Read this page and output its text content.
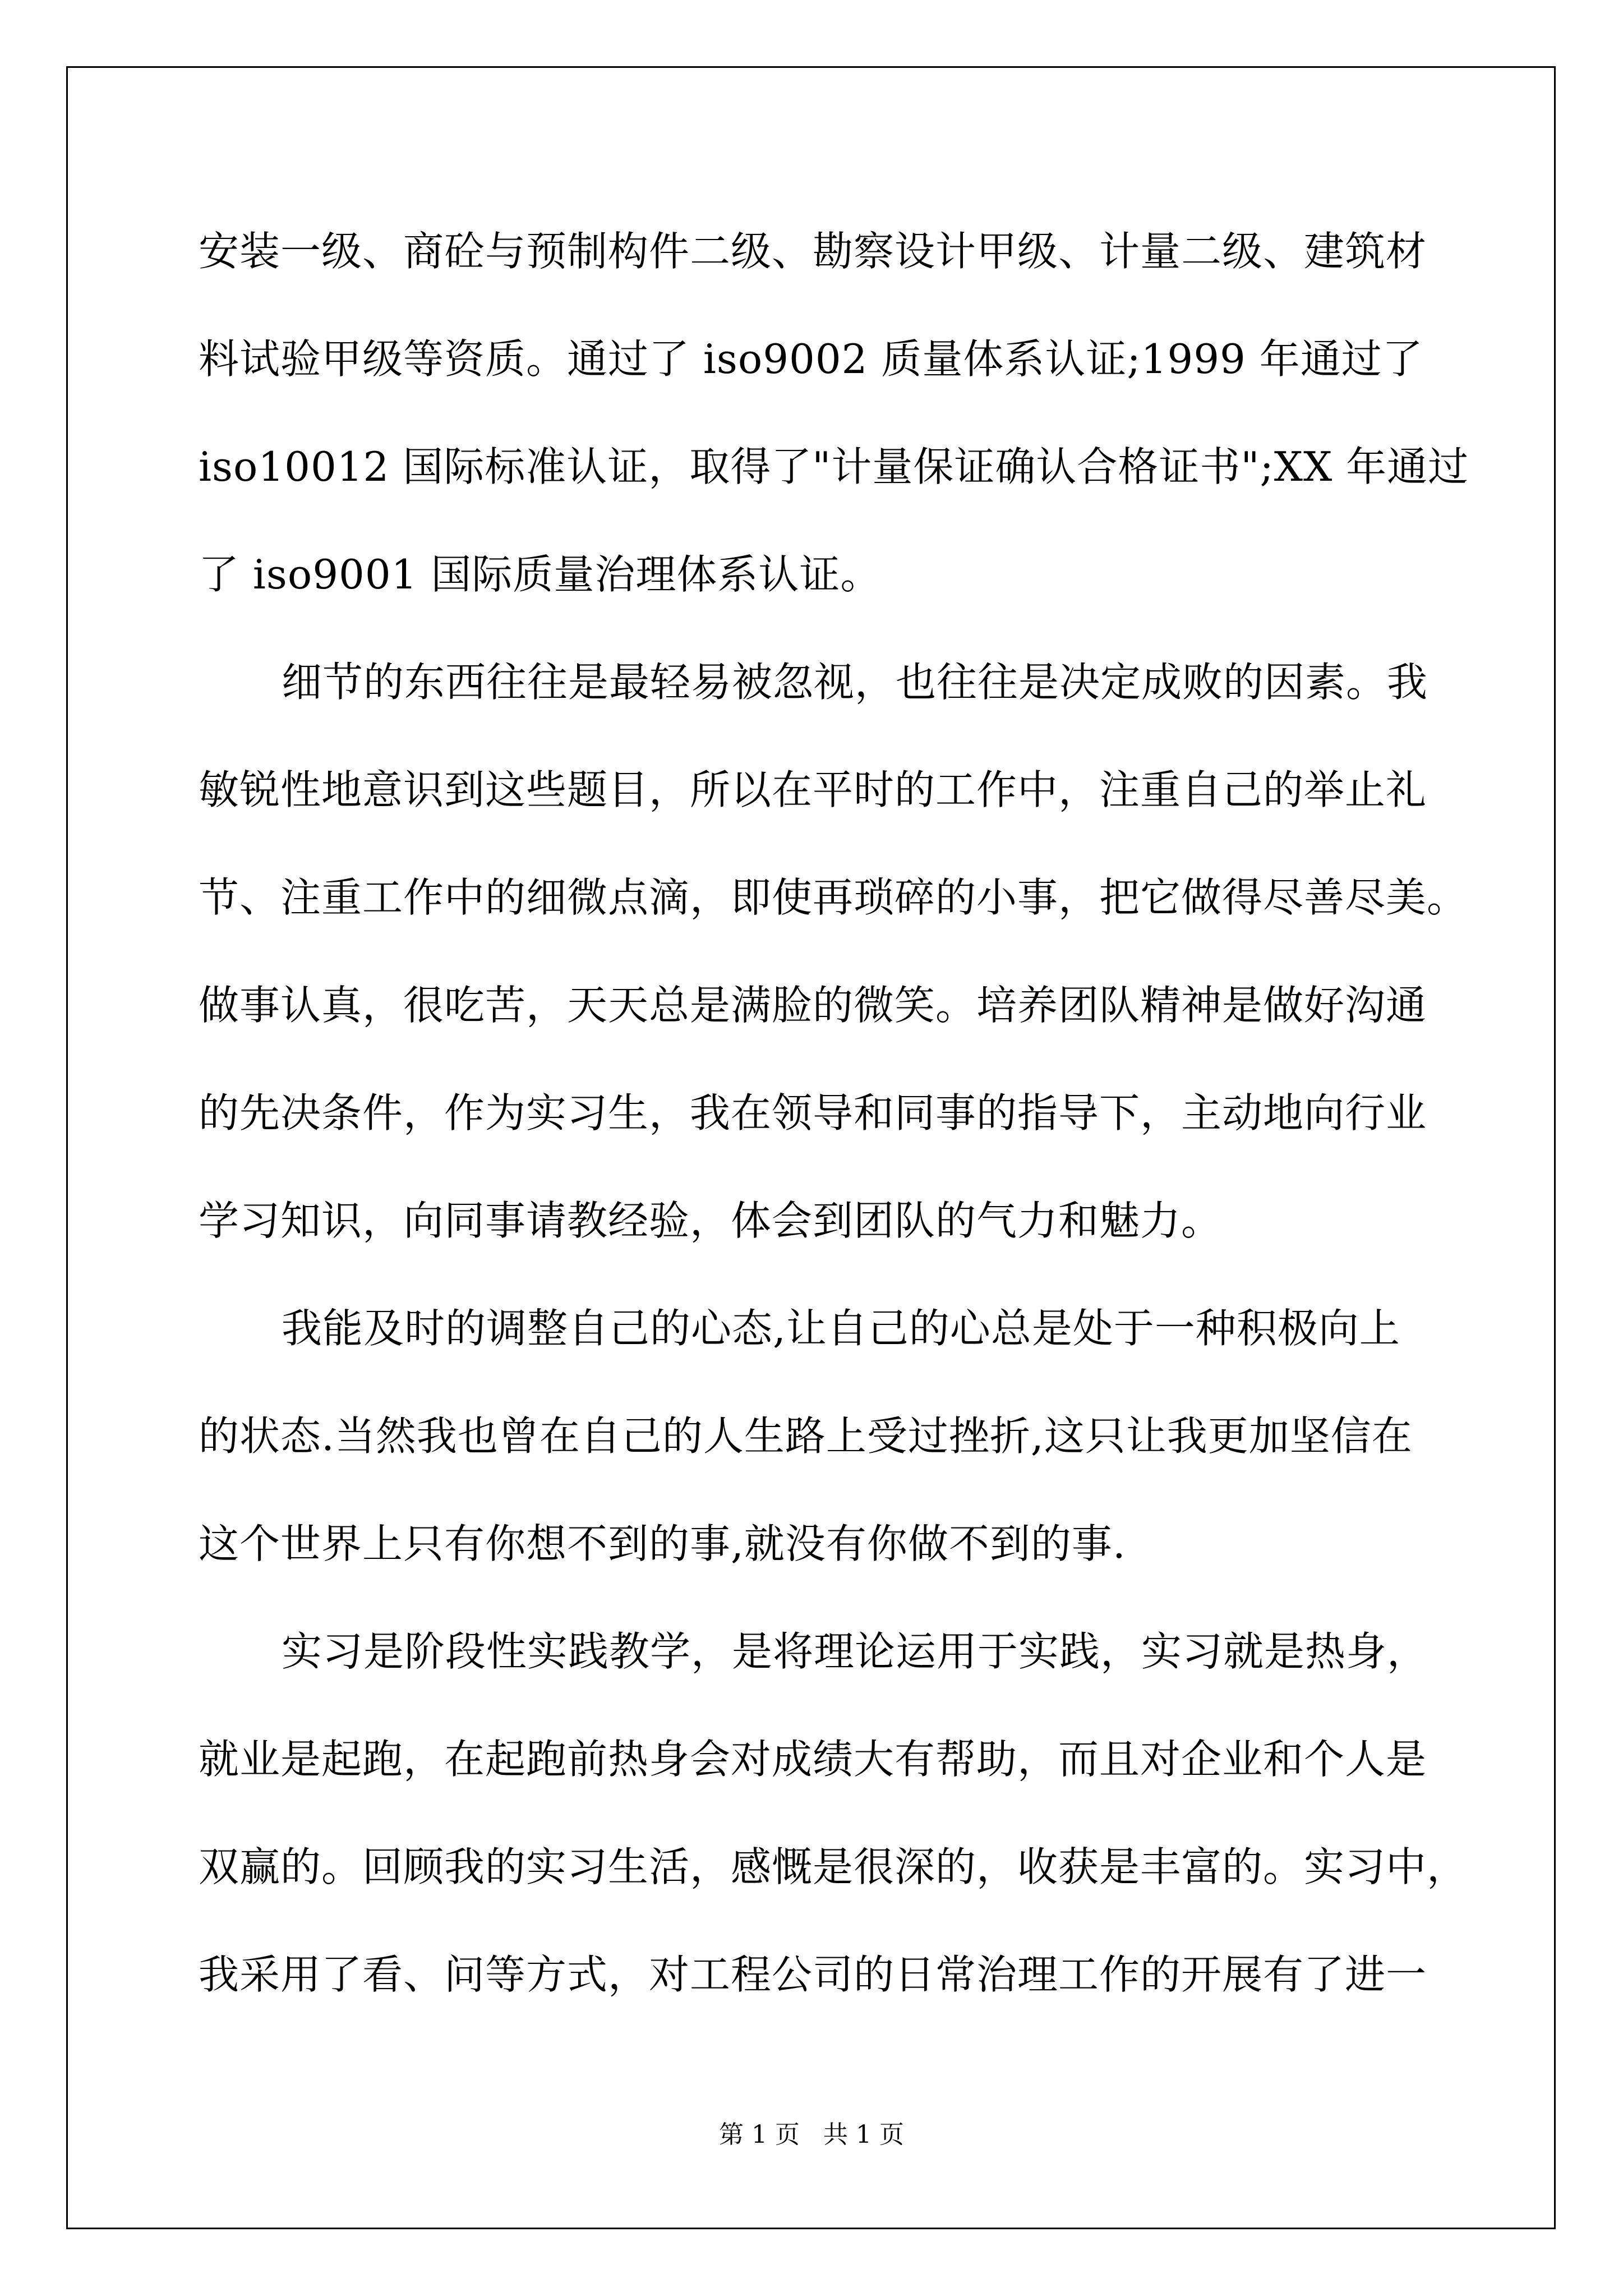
安装一级、商砼与预制构件二级、勘察设计甲级、计量二级、建筑材
料试验甲级等资质。通过了 iso9002 质量体系认证;1999 年通过了
iso10012 国际标准认证，取得了"计量保证确认合格证书";XX 年通过
了 iso9001 国际质量治理体系认证。
细节的东西往往是最轻易被忽视，也往往是决定成败的因素。我
敏锐性地意识到这些题目，所以在平时的工作中，注重自己的举止礼
节、注重工作中的细微点滴，即使再琐碎的小事，把它做得尽善尽美。
做事认真，很吃苦，天天总是满脸的微笑。培养团队精神是做好沟通
的先决条件，作为实习生，我在领导和同事的指导下，主动地向行业
学习知识，向同事请教经验，体会到团队的气力和魅力。
我能及时的调整自己的心态,让自己的心总是处于一种积极向上
的状态.当然我也曾在自己的人生路上受过挫折,这只让我更加坚信在
这个世界上只有你想不到的事,就没有你做不到的事.
实习是阶段性实践教学，是将理论运用于实践，实习就是热身，
就业是起跑，在起跑前热身会对成绩大有帮助，而且对企业和个人是
双赢的。回顾我的实习生活，感慨是很深的，收获是丰富的。实习中，
我采用了看、问等方式，对工程公司的日常治理工作的开展有了进一
第 1 页   共 1 页
